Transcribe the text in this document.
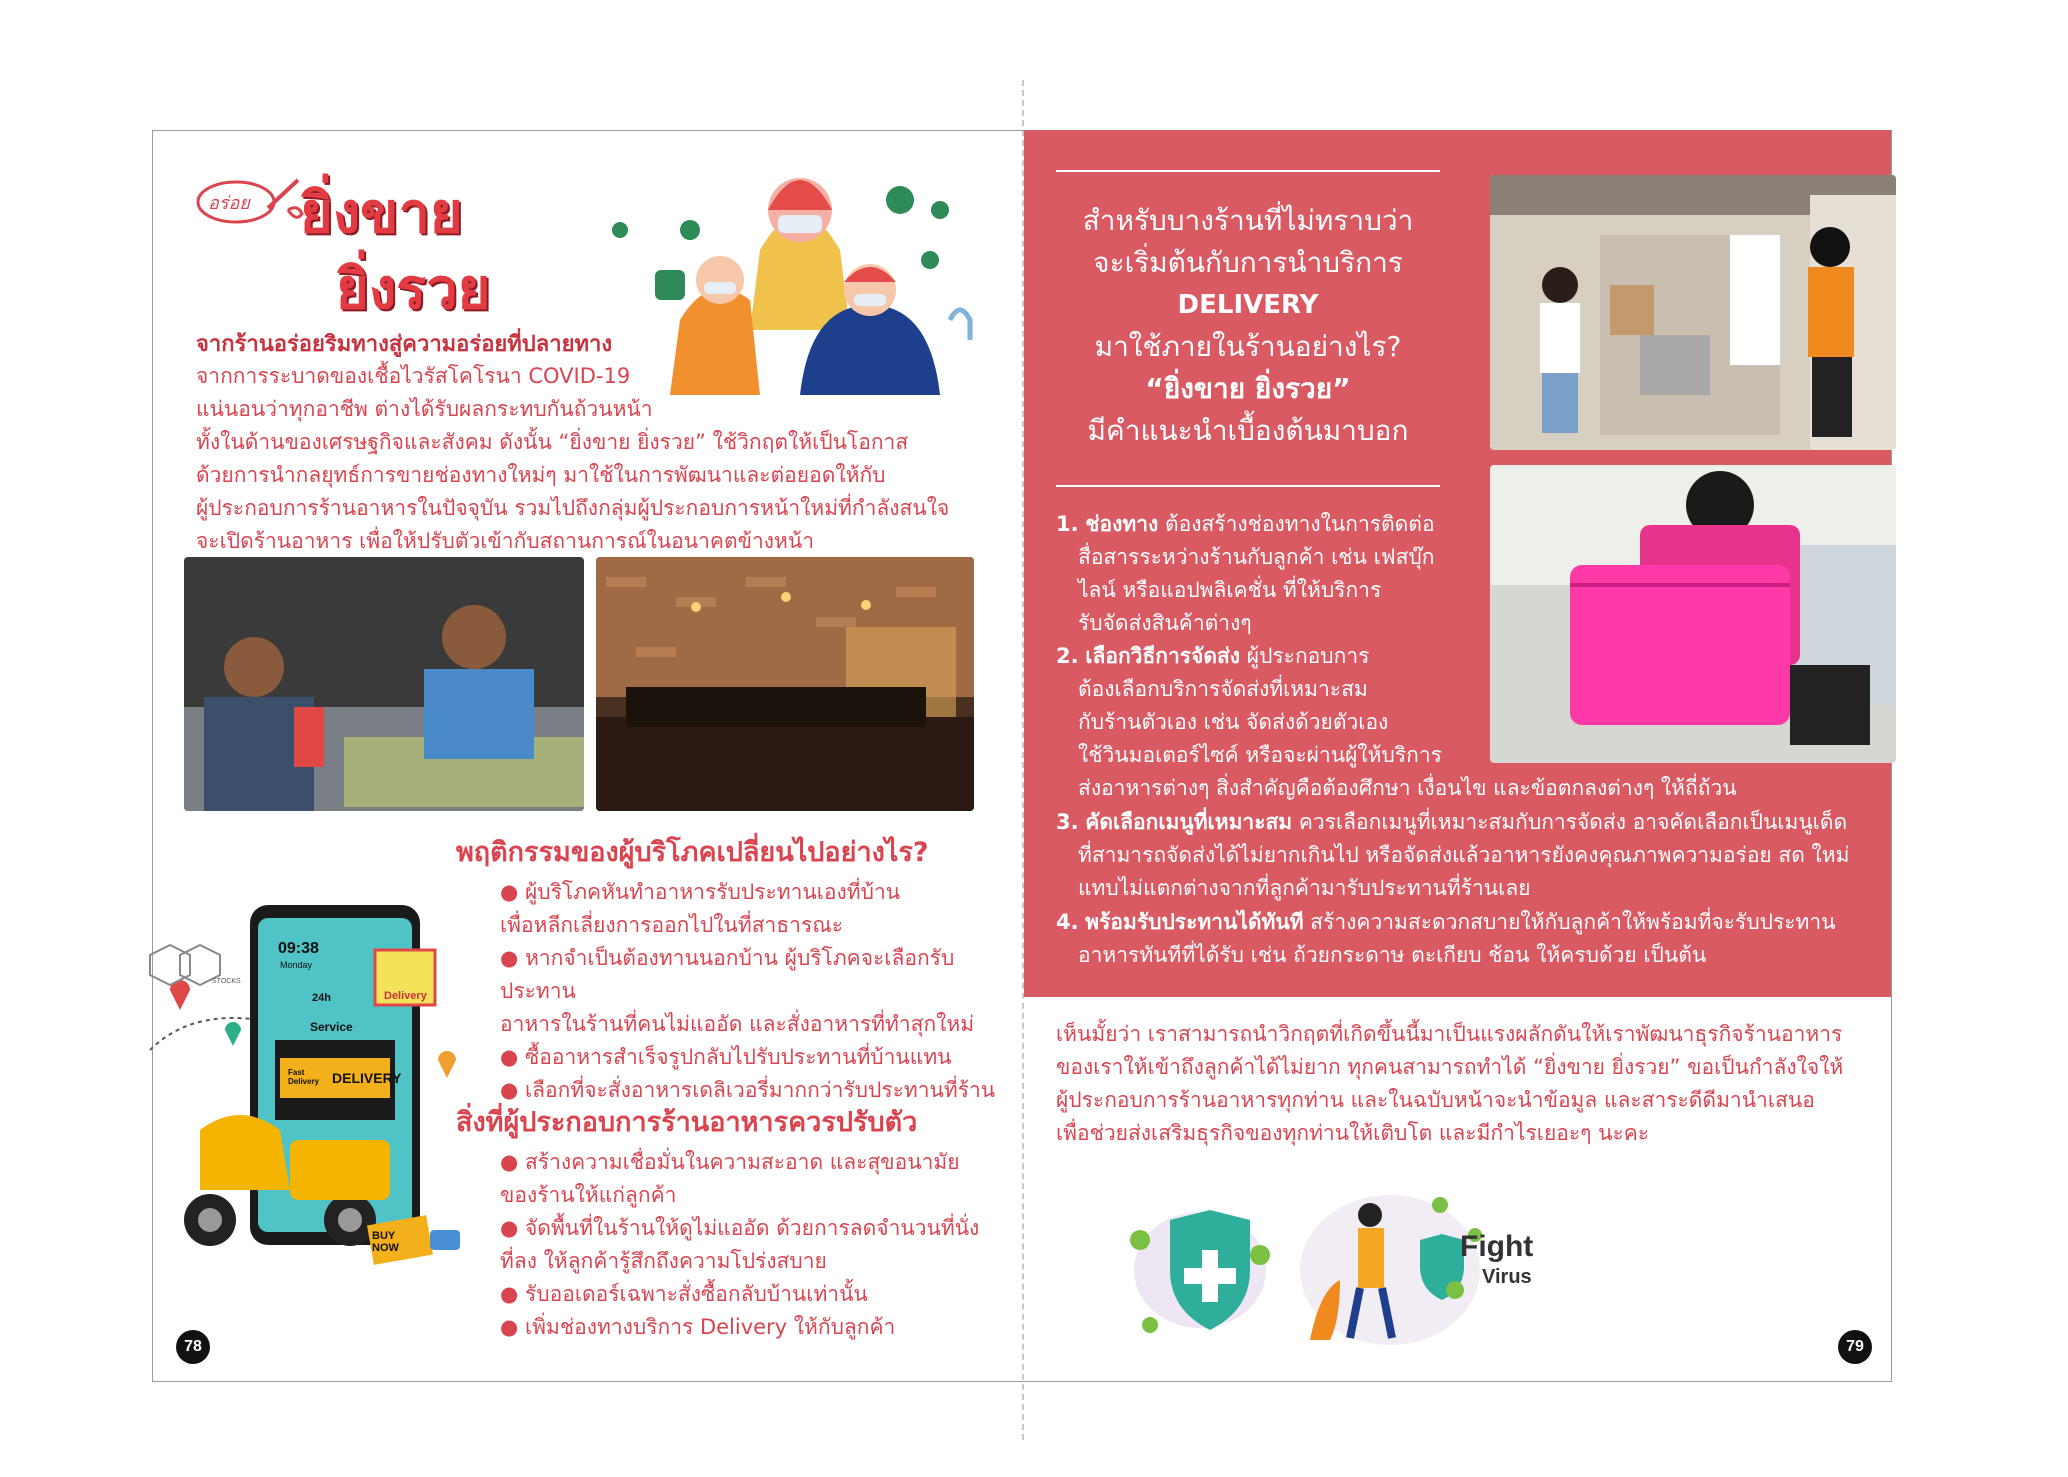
อร่อย ยิ่งขาย
ยิ่งรวย
จากร้านอร่อยริมทางสู่ความอร่อยที่ปลายทาง
จากการระบาดของเชื้อไวรัสโคโรนา COVID-19
แน่นอนว่าทุกอาชีพ ต่างได้รับผลกระทบกันถ้วนหน้า
ทั้งในด้านของเศรษฐกิจและสังคม ดังนั้น “ยิ่งขาย ยิ่งรวย” ใช้วิกฤตให้เป็นโอกาส
ด้วยการนำกลยุทธ์การขายช่องทางใหม่ๆ มาใช้ในการพัฒนาและต่อยอดให้กับ
ผู้ประกอบการร้านอาหารในปัจจุบัน รวมไปถึงกลุ่มผู้ประกอบการหน้าใหม่ที่กำลังสนใจ
จะเปิดร้านอาหาร เพื่อให้ปรับตัวเข้ากับสถานการณ์ในอนาคตข้างหน้า
พฤติกรรมของผู้บริโภคเปลี่ยนไปอย่างไร?
● ผู้บริโภคหันทำอาหารรับประทานเองที่บ้าน
เพื่อหลีกเลี่ยงการออกไปในที่สาธารณะ
● หากจำเป็นต้องทานนอกบ้าน ผู้บริโภคจะเลือกรับประทาน
อาหารในร้านที่คนไม่แออัด และสั่งอาหารที่ทำสุกใหม่
● ซื้ออาหารสำเร็จรูปกลับไปรับประทานที่บ้านแทน
● เลือกที่จะสั่งอาหารเดลิเวอรี่มากกว่ารับประทานที่ร้าน
สิ่งที่ผู้ประกอบการร้านอาหารควรปรับตัว
● สร้างความเชื่อมั่นในความสะอาด และสุขอนามัย
ของร้านให้แก่ลูกค้า
● จัดพื้นที่ในร้านให้ดูไม่แออัด ด้วยการลดจำนวนที่นั่ง
ที่ลง ให้ลูกค้ารู้สึกถึงความโปร่งสบาย
● รับออเดอร์เฉพาะสั่งซื้อกลับบ้านเท่านั้น
● เพิ่มช่องทางบริการ Delivery ให้กับลูกค้า
09:38
Monday
24h
Service
Delivery
STOCKS
Fast Delivery DELIVERY
BUY NOW
78
สำหรับบางร้านที่ไม่ทราบว่า
จะเริ่มต้นกับการนำบริการ
DELIVERY
มาใช้ภายในร้านอย่างไร?
“ยิ่งขาย ยิ่งรวย”
มีคำแนะนำเบื้องต้นมาบอก
1. ช่องทาง ต้องสร้างช่องทางในการติดต่อ
สื่อสารระหว่างร้านกับลูกค้า เช่น เฟสบุ๊ก
ไลน์ หรือแอปพลิเคชั่น ที่ให้บริการ
รับจัดส่งสินค้าต่างๆ
2. เลือกวิธีการจัดส่ง ผู้ประกอบการ
ต้องเลือกบริการจัดส่งที่เหมาะสม
กับร้านตัวเอง เช่น จัดส่งด้วยตัวเอง
ใช้วินมอเตอร์ไซค์ หรือจะผ่านผู้ให้บริการ
ส่งอาหารต่างๆ สิ่งสำคัญคือต้องศึกษา เงื่อนไข และข้อตกลงต่างๆ ให้ถี่ถ้วน
3. คัดเลือกเมนูที่เหมาะสม ควรเลือกเมนูที่เหมาะสมกับการจัดส่ง อาจคัดเลือกเป็นเมนูเด็ด
ที่สามารถจัดส่งได้ไม่ยากเกินไป หรือจัดส่งแล้วอาหารยังคงคุณภาพความอร่อย สด ใหม่
แทบไม่แตกต่างจากที่ลูกค้ามารับประทานที่ร้านเลย
4. พร้อมรับประทานได้ทันที สร้างความสะดวกสบายให้กับลูกค้าให้พร้อมที่จะรับประทาน
อาหารทันทีที่ได้รับ เช่น ถ้วยกระดาษ ตะเกียบ ช้อน ให้ครบด้วย เป็นต้น
เห็นมั้ยว่า เราสามารถนำวิกฤตที่เกิดขึ้นนี้มาเป็นแรงผลักดันให้เราพัฒนาธุรกิจร้านอาหาร
ของเราให้เข้าถึงลูกค้าได้ไม่ยาก ทุกคนสามารถทำได้ “ยิ่งขาย ยิ่งรวย” ขอเป็นกำลังใจให้
ผู้ประกอบการร้านอาหารทุกท่าน และในฉบับหน้าจะนำข้อมูล และสาระดีดีมานำเสนอ
เพื่อช่วยส่งเสริมธุรกิจของทุกท่านให้เติบโต และมีกำไรเยอะๆ นะคะ
Fight
Virus
79
